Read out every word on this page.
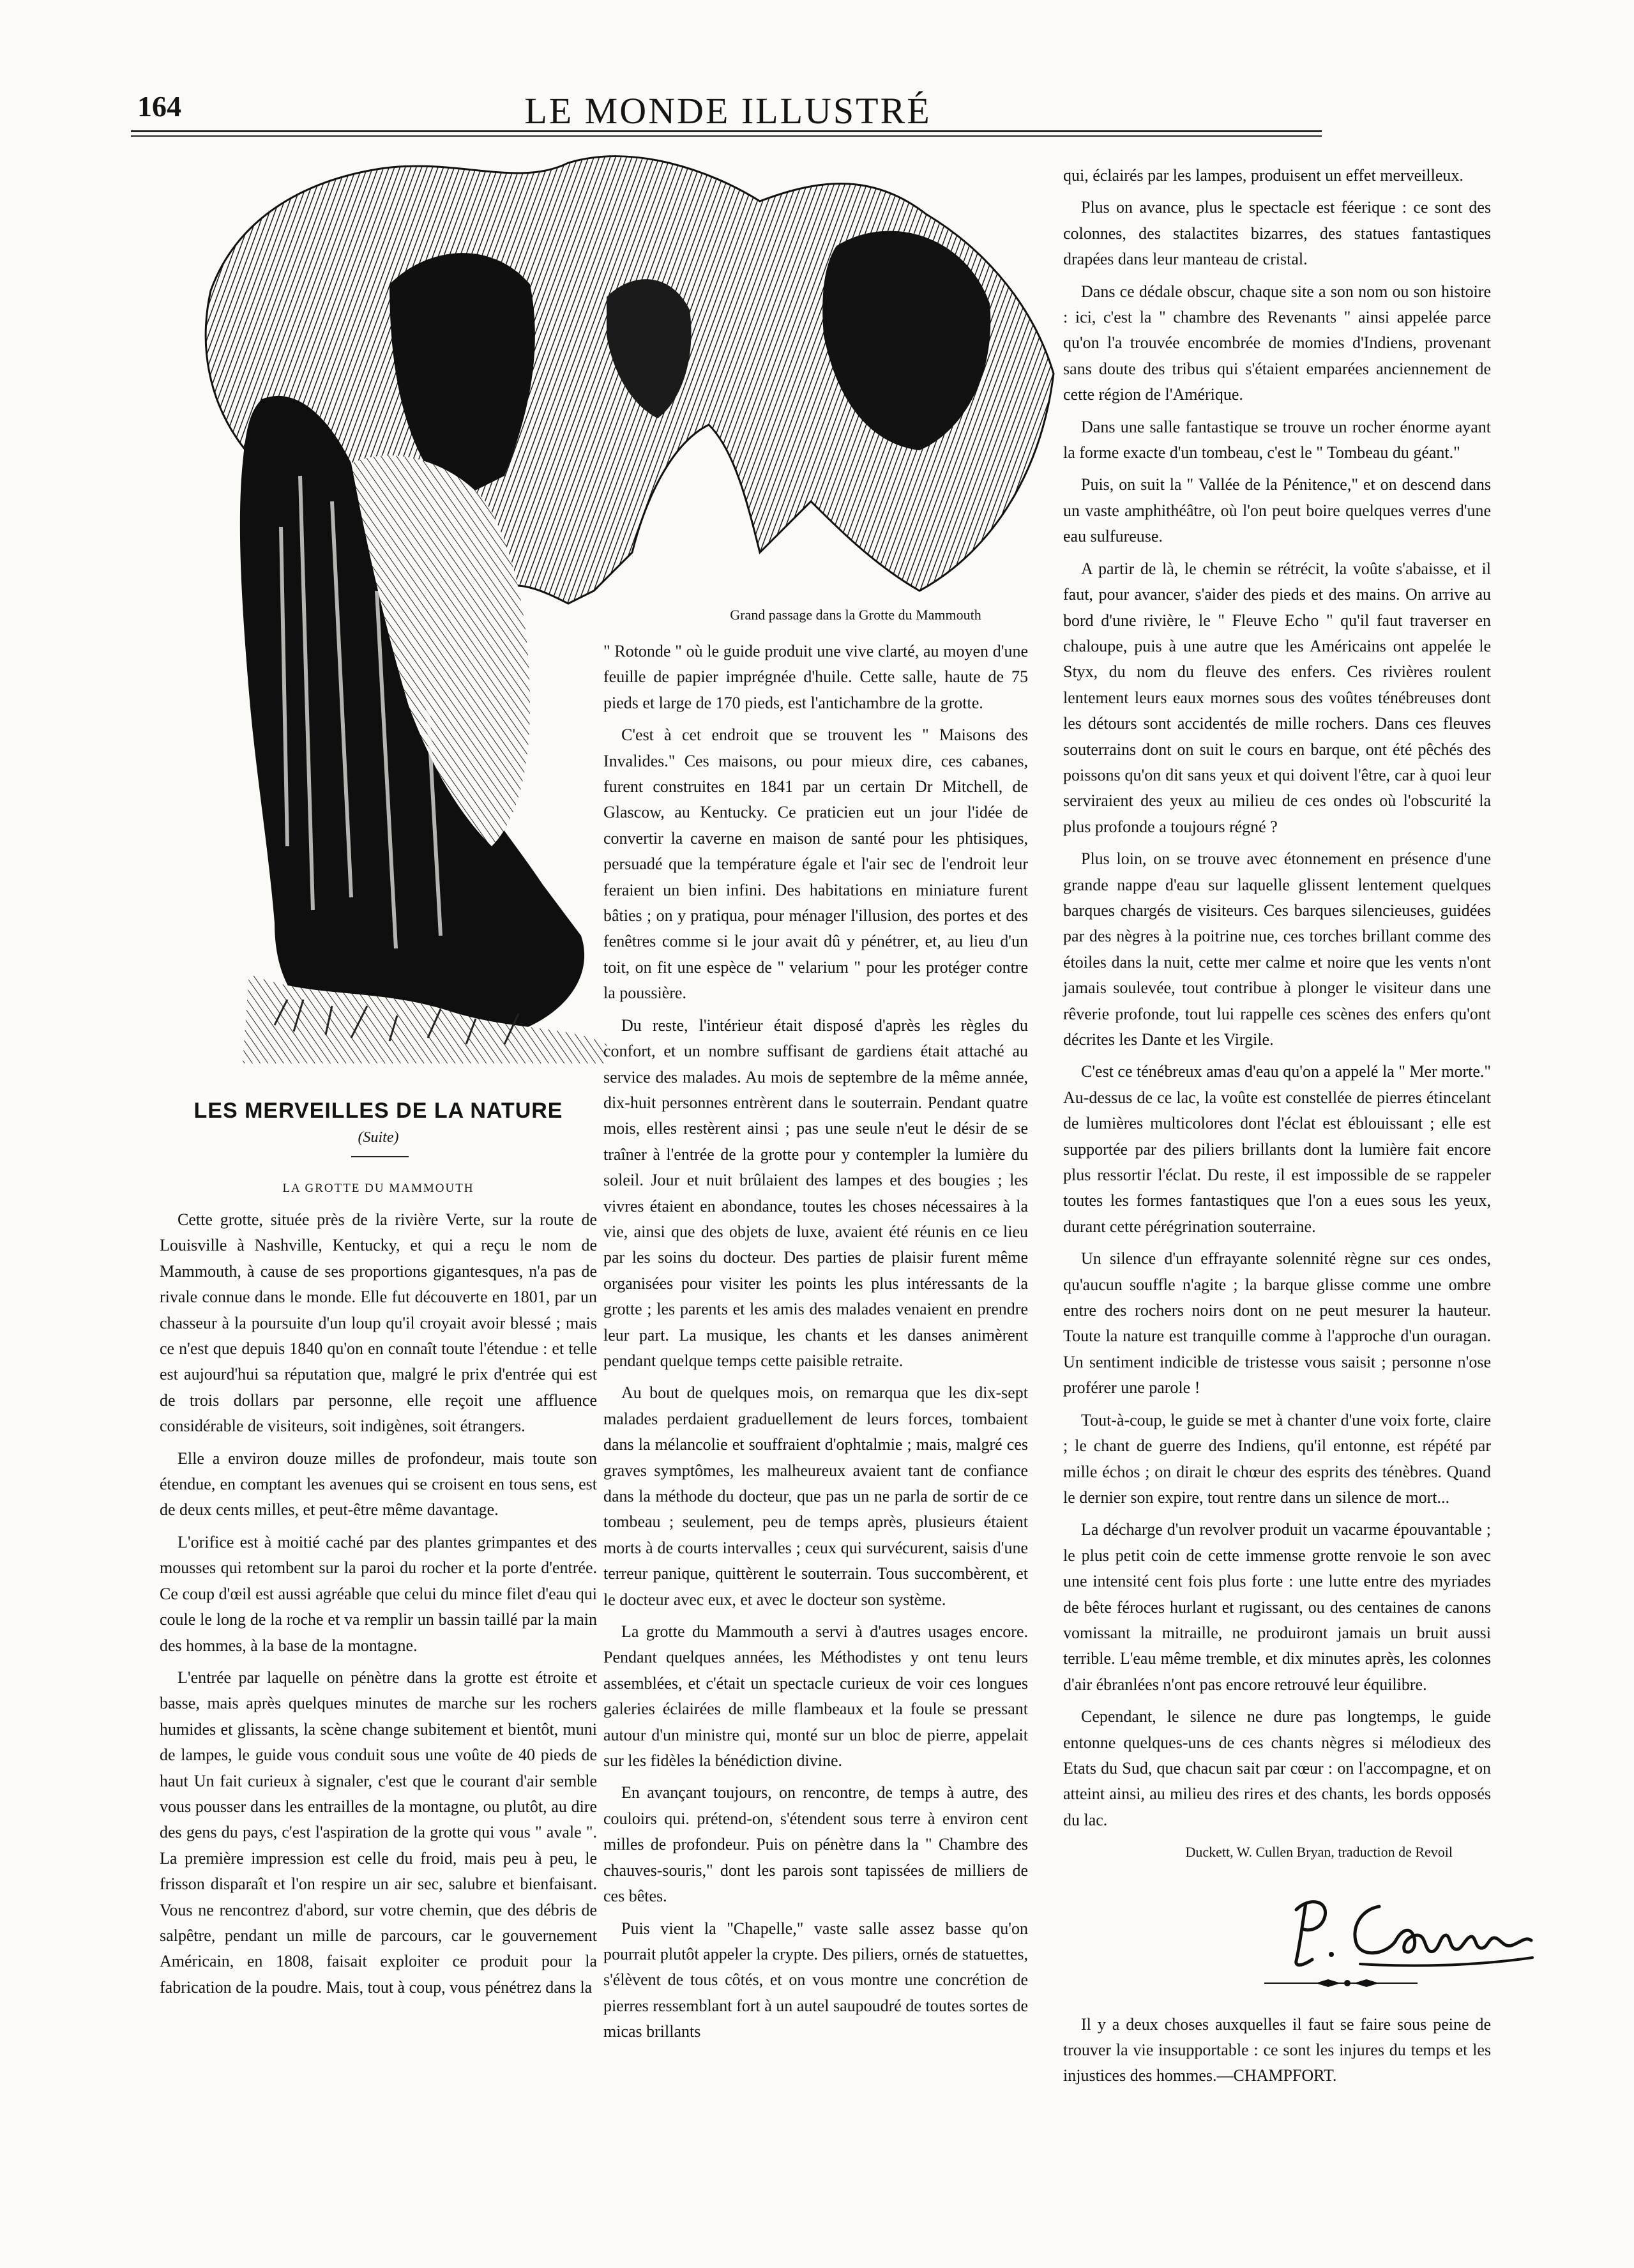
164	LE MONDE ILLUSTRÉ
Grand passage dans la Grotte du Mammouth
LES MERVEILLES DE LA NATURE
(Suite)
LA GROTTE DU MAMMOUTH

Cette grotte, située près de la rivière Verte, sur la route de Louisville à Nashville, Kentucky, et qui a reçu le nom de Mammouth, à cause de ses proportions gigantesques, n'a pas de rivale connue dans le monde. Elle fut découverte en 1801, par un chasseur à la poursuite d'un loup qu'il croyait avoir blessé ; mais ce n'est que depuis 1840 qu'on en connaît toute l'étendue : et telle est aujourd'hui sa réputation que, malgré le prix d'entrée qui est de trois dollars par personne, elle reçoit une affluence considérable de visiteurs, soit indigènes, soit étrangers.

Elle a environ douze milles de profondeur, mais toute son étendue, en comptant les avenues qui se croisent en tous sens, est de deux cents milles, et peut-être même davantage.

L'orifice est à moitié caché par des plantes grimpantes et des mousses qui retombent sur la paroi du rocher et la porte d'entrée. Ce coup d'œil est aussi agréable que celui du mince filet d'eau qui coule le long de la roche et va remplir un bassin taillé par la main des hommes, à la base de la montagne.

L'entrée par laquelle on pénètre dans la grotte est étroite et basse, mais après quelques minutes de marche sur les rochers humides et glissants, la scène change subitement et bientôt, muni de lampes, le guide vous conduit sous une voûte de 40 pieds de haut Un fait curieux à signaler, c'est que le courant d'air semble vous pousser dans les entrailles de la montagne, ou plutôt, au dire des gens du pays, c'est l'aspiration de la grotte qui vous " avale ". La première impression est celle du froid, mais peu à peu, le frisson disparaît et l'on respire un air sec, salubre et bienfaisant. Vous ne rencontrez d'abord, sur votre chemin, que des débris de salpêtre, pendant un mille de parcours, car le gouvernement Américain, en 1808, faisait exploiter ce produit pour la fabrication de la poudre. Mais, tout à coup, vous pénétrez dans la

" Rotonde " où le guide produit une vive clarté, au moyen d'une feuille de papier imprégnée d'huile. Cette salle, haute de 75 pieds et large de 170 pieds, est l'antichambre de la grotte.

C'est à cet endroit que se trouvent les " Maisons des Invalides." Ces maisons, ou pour mieux dire, ces cabanes, furent construites en 1841 par un certain Dr Mitchell, de Glascow, au Kentucky. Ce praticien eut un jour l'idée de convertir la caverne en maison de santé pour les phtisiques, persuadé que la température égale et l'air sec de l'endroit leur feraient un bien infini. Des habitations en miniature furent bâties ; on y pratiqua, pour ménager l'illusion, des portes et des fenêtres comme si le jour avait dû y pénétrer, et, au lieu d'un toit, on fit une espèce de " velarium " pour les protéger contre la poussière.

Du reste, l'intérieur était disposé d'après les règles du confort, et un nombre suffisant de gardiens était attaché au service des malades. Au mois de septembre de la même année, dix-huit personnes entrèrent dans le souterrain. Pendant quatre mois, elles restèrent ainsi ; pas une seule n'eut le désir de se traîner à l'entrée de la grotte pour y contempler la lumière du soleil. Jour et nuit brûlaient des lampes et des bougies ; les vivres étaient en abondance, toutes les choses nécessaires à la vie, ainsi que des objets de luxe, avaient été réunis en ce lieu par les soins du docteur. Des parties de plaisir furent même organisées pour visiter les points les plus intéressants de la grotte ; les parents et les amis des malades venaient en prendre leur part. La musique, les chants et les danses animèrent pendant quelque temps cette paisible retraite.

Au bout de quelques mois, on remarqua que les dix-sept malades perdaient graduellement de leurs forces, tombaient dans la mélancolie et souffraient d'ophtalmie ; mais, malgré ces graves symptômes, les malheureux avaient tant de confiance dans la méthode du docteur, que pas un ne parla de sortir de ce tombeau ; seulement, peu de temps après, plusieurs étaient morts à de courts intervalles ; ceux qui survécurent, saisis d'une terreur panique, quittèrent le souterrain. Tous succombèrent, et le docteur avec eux, et avec le docteur son système.

La grotte du Mammouth a servi à d'autres usages encore. Pendant quelques années, les Méthodistes y ont tenu leurs assemblées, et c'était un spectacle curieux de voir ces longues galeries éclairées de mille flambeaux et la foule se pressant autour d'un ministre qui, monté sur un bloc de pierre, appelait sur les fidèles la bénédiction divine.

En avançant toujours, on rencontre, de temps à autre, des couloirs qui. prétend-on, s'étendent sous terre à environ cent milles de profondeur. Puis on pénètre dans la " Chambre des chauves-souris," dont les parois sont tapissées de milliers de ces bêtes.

Puis vient la "Chapelle," vaste salle assez basse qu'on pourrait plutôt appeler la crypte. Des piliers, ornés de statuettes, s'élèvent de tous côtés, et on vous montre une concrétion de pierres ressemblant fort à un autel saupoudré de toutes sortes de micas brillants

qui, éclairés par les lampes, produisent un effet merveilleux.

Plus on avance, plus le spectacle est féerique : ce sont des colonnes, des stalactites bizarres, des statues fantastiques drapées dans leur manteau de cristal.

Dans ce dédale obscur, chaque site a son nom ou son histoire : ici, c'est la " chambre des Revenants " ainsi appelée parce qu'on l'a trouvée encombrée de momies d'Indiens, provenant sans doute des tribus qui s'étaient emparées anciennement de cette région de l'Amérique.

Dans une salle fantastique se trouve un rocher énorme ayant la forme exacte d'un tombeau, c'est le " Tombeau du géant."

Puis, on suit la " Vallée de la Pénitence," et on descend dans un vaste amphithéâtre, où l'on peut boire quelques verres d'une eau sulfureuse.

A partir de là, le chemin se rétrécit, la voûte s'abaisse, et il faut, pour avancer, s'aider des pieds et des mains. On arrive au bord d'une rivière, le " Fleuve Echo " qu'il faut traverser en chaloupe, puis à une autre que les Américains ont appelée le Styx, du nom du fleuve des enfers. Ces rivières roulent lentement leurs eaux mornes sous des voûtes ténébreuses dont les détours sont accidentés de mille rochers. Dans ces fleuves souterrains dont on suit le cours en barque, ont été pêchés des poissons qu'on dit sans yeux et qui doivent l'être, car à quoi leur serviraient des yeux au milieu de ces ondes où l'obscurité la plus profonde a toujours régné ?

Plus loin, on se trouve avec étonnement en présence d'une grande nappe d'eau sur laquelle glissent lentement quelques barques chargés de visiteurs. Ces barques silencieuses, guidées par des nègres à la poitrine nue, ces torches brillant comme des étoiles dans la nuit, cette mer calme et noire que les vents n'ont jamais soulevée, tout contribue à plonger le visiteur dans une rêverie profonde, tout lui rappelle ces scènes des enfers qu'ont décrites les Dante et les Virgile.

C'est ce ténébreux amas d'eau qu'on a appelé la " Mer morte." Au-dessus de ce lac, la voûte est constellée de pierres étincelant de lumières multicolores dont l'éclat est éblouissant ; elle est supportée par des piliers brillants dont la lumière fait encore plus ressortir l'éclat. Du reste, il est impossible de se rappeler toutes les formes fantastiques que l'on a eues sous les yeux, durant cette pérégrination souterraine.

Un silence d'un effrayante solennité règne sur ces ondes, qu'aucun souffle n'agite ; la barque glisse comme une ombre entre des rochers noirs dont on ne peut mesurer la hauteur. Toute la nature est tranquille comme à l'approche d'un ouragan. Un sentiment indicible de tristesse vous saisit ; personne n'ose proférer une parole !

Tout-à-coup, le guide se met à chanter d'une voix forte, claire ; le chant de guerre des Indiens, qu'il entonne, est répété par mille échos ; on dirait le chœur des esprits des ténèbres. Quand le dernier son expire, tout rentre dans un silence de mort...

La décharge d'un revolver produit un vacarme épouvantable ; le plus petit coin de cette immense grotte renvoie le son avec une intensité cent fois plus forte : une lutte entre des myriades de bête féroces hurlant et rugissant, ou des centaines de canons vomissant la mitraille, ne produiront jamais un bruit aussi terrible. L'eau même tremble, et dix minutes après, les colonnes d'air ébranlées n'ont pas encore retrouvé leur équilibre.

Cependant, le silence ne dure pas longtemps, le guide entonne quelques-uns de ces chants nègres si mélodieux des Etats du Sud, que chacun sait par cœur : on l'accompagne, et on atteint ainsi, au milieu des rires et des chants, les bords opposés du lac.

Duckett, W. Cullen Bryan, traduction de Revoil

P. Chonnier
Il y a deux choses auxquelles il faut se faire sous peine de trouver la vie insupportable : ce sont les injures du temps et les injustices des hommes.—CHAMPFORT.
